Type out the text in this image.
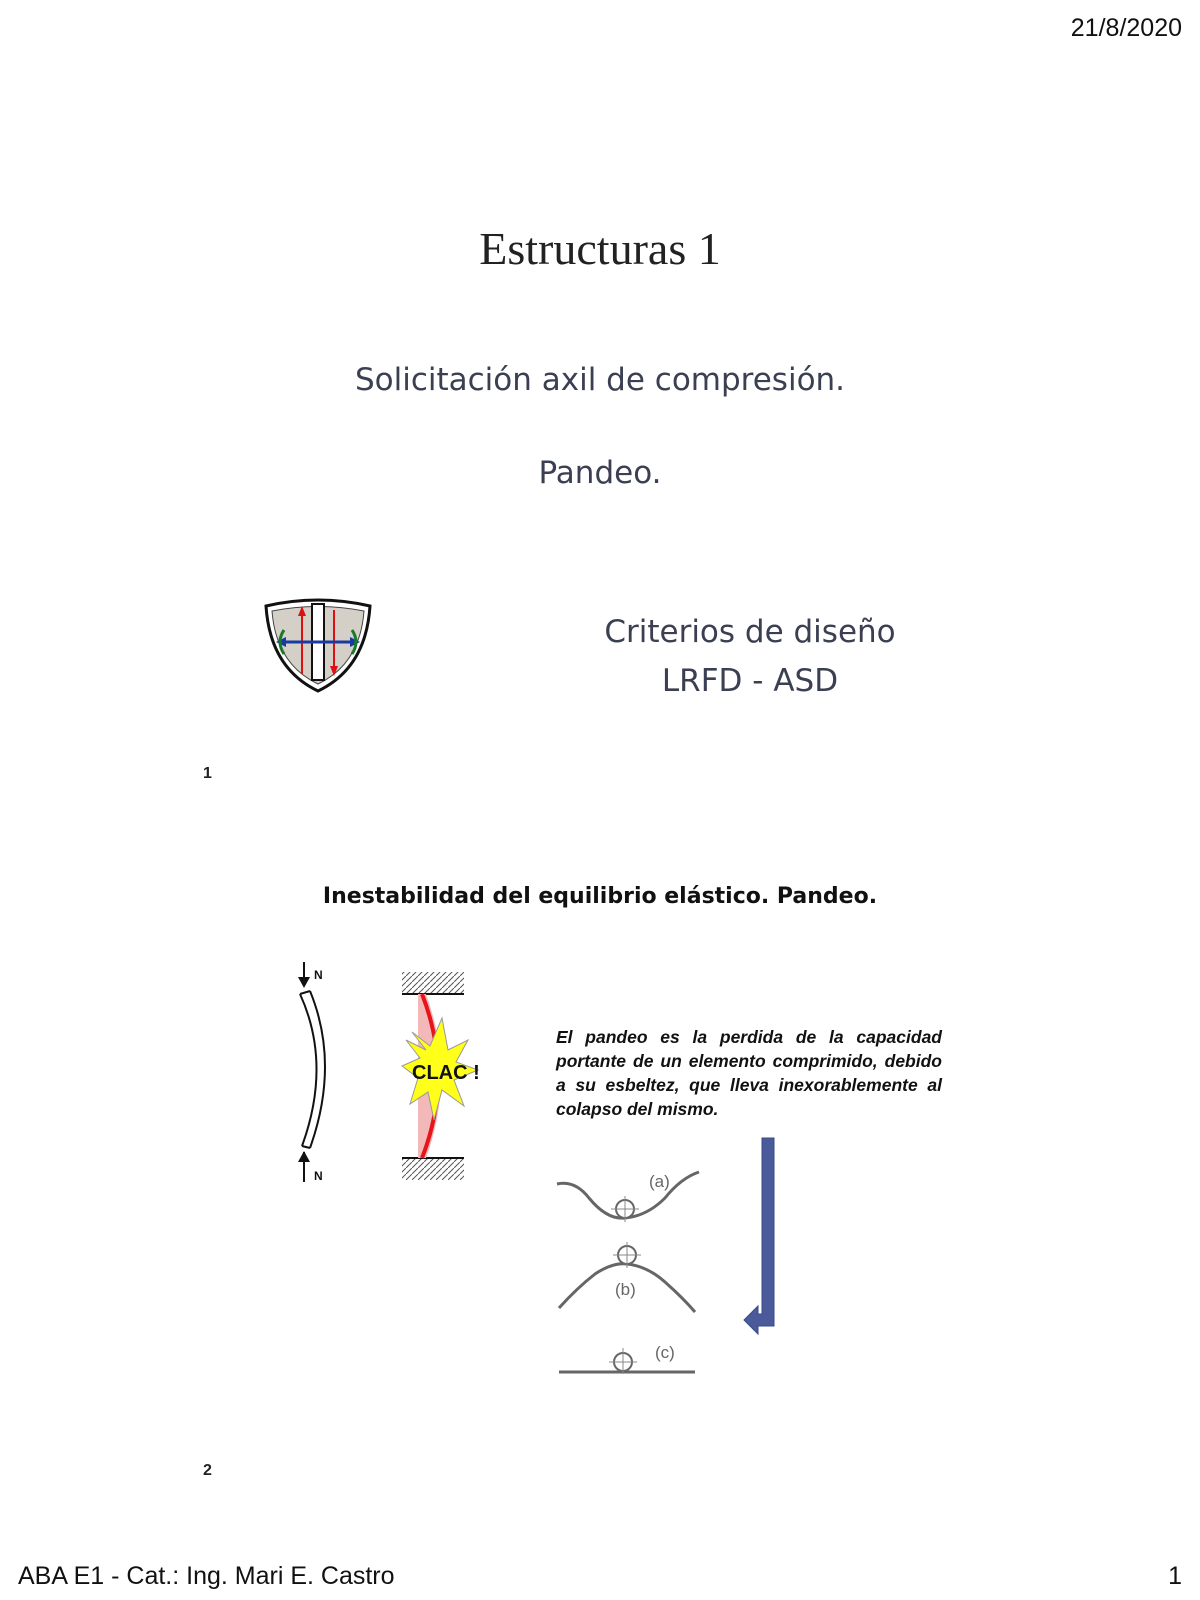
21/8/2020
Estructuras 1
Solicitación axil de compresión.
Pandeo.
Criterios de diseño
LRFD - ASD
1
Inestabilidad del equilibrio elástico. Pandeo.
N
N
CLAC !
El pandeo es la perdida de la capacidad portante de un elemento comprimido, debido a su esbeltez, que lleva inexorablemente al colapso del mismo.
(a)
(b)
(c)
2
ABA E1 - Cat.: Ing. Mari E. Castro	1
